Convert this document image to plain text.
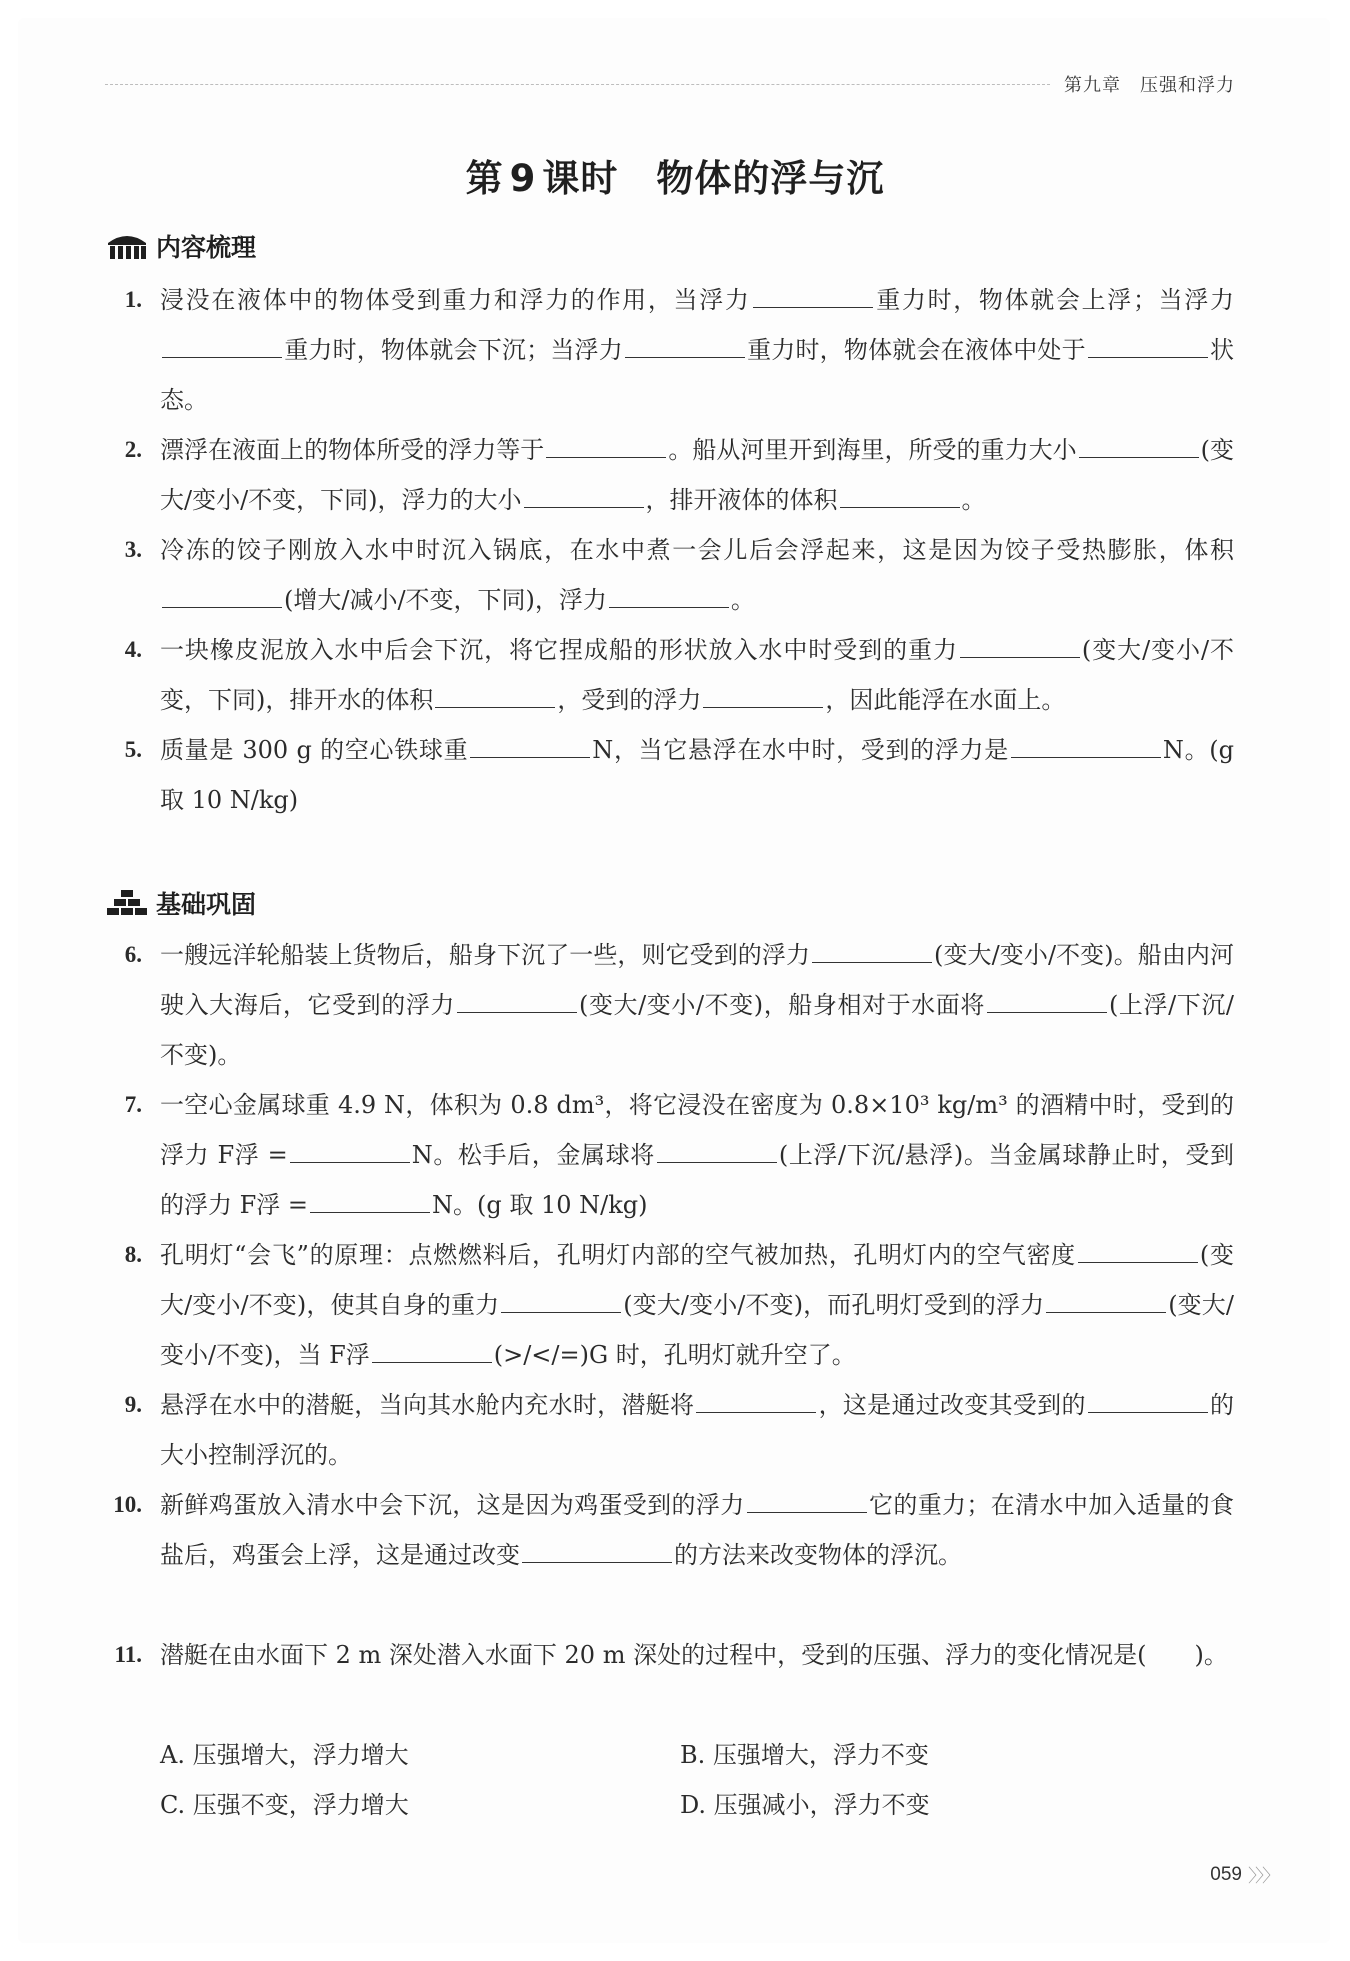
第九章　压强和浮力
第 9 课时　物体的浮与沉
内容梳理
1. 浸没在液体中的物体受到重力和浮力的作用，当浮力	重力时，物体就会上浮；当浮力重力时，物体就会下沉；当浮力	重力时，物体就会在液体中处于	状态。
2. 漂浮在液面上的物体所受的浮力等于	。船从河里开到海里，所受的重力大小	(变大/变小/不变，下同)，浮力的大小	，排开液体的体积	。
3. 冷冻的饺子刚放入水中时沉入锅底，在水中煮一会儿后会浮起来，这是因为饺子受热膨胀，体积(增大/减小/不变，下同)，浮力	。
4. 一块橡皮泥放入水中后会下沉，将它捏成船的形状放入水中时受到的重力	(变大/变小/不变，下同)，排开水的体积	，受到的浮力	，因此能浮在水面上。
5. 质量是 300 g 的空心铁球重	N，当它悬浮在水中时，受到的浮力是	N。(g 取 10 N/kg)
基础巩固
6. 一艘远洋轮船装上货物后，船身下沉了一些，则它受到的浮力	(变大/变小/不变)。船由内河驶入大海后，它受到的浮力	(变大/变小/不变)，船身相对于水面将	(上浮/下沉/不变)。
7. 一空心金属球重 4.9 N，体积为 0.8 dm³，将它浸没在密度为 0.8×10³ kg/m³ 的酒精中时，受到的浮力 F浮 =	N。松手后，金属球将	(上浮/下沉/悬浮)。当金属球静止时，受到的浮力 F浮 =	N。(g 取 10 N/kg)
8. 孔明灯“会飞”的原理：点燃燃料后，孔明灯内部的空气被加热，孔明灯内的空气密度	(变大/变小/不变)，使其自身的重力	(变大/变小/不变)，而孔明灯受到的浮力	(变大/变小/不变)，当 F浮	(>/</=)G 时，孔明灯就升空了。
9. 悬浮在水中的潜艇，当向其水舱内充水时，潜艇将	，这是通过改变其受到的	的大小控制浮沉的。
10. 新鲜鸡蛋放入清水中会下沉，这是因为鸡蛋受到的浮力	它的重力；在清水中加入适量的食盐后，鸡蛋会上浮，这是通过改变	的方法来改变物体的浮沉。
11. 潜艇在由水面下 2 m 深处潜入水面下 20 m 深处的过程中，受到的压强、浮力的变化情况是(　　)。
A. 压强增大，浮力增大	B. 压强增大，浮力不变
C. 压强不变，浮力增大	D. 压强减小，浮力不变
059 〉〉〉
